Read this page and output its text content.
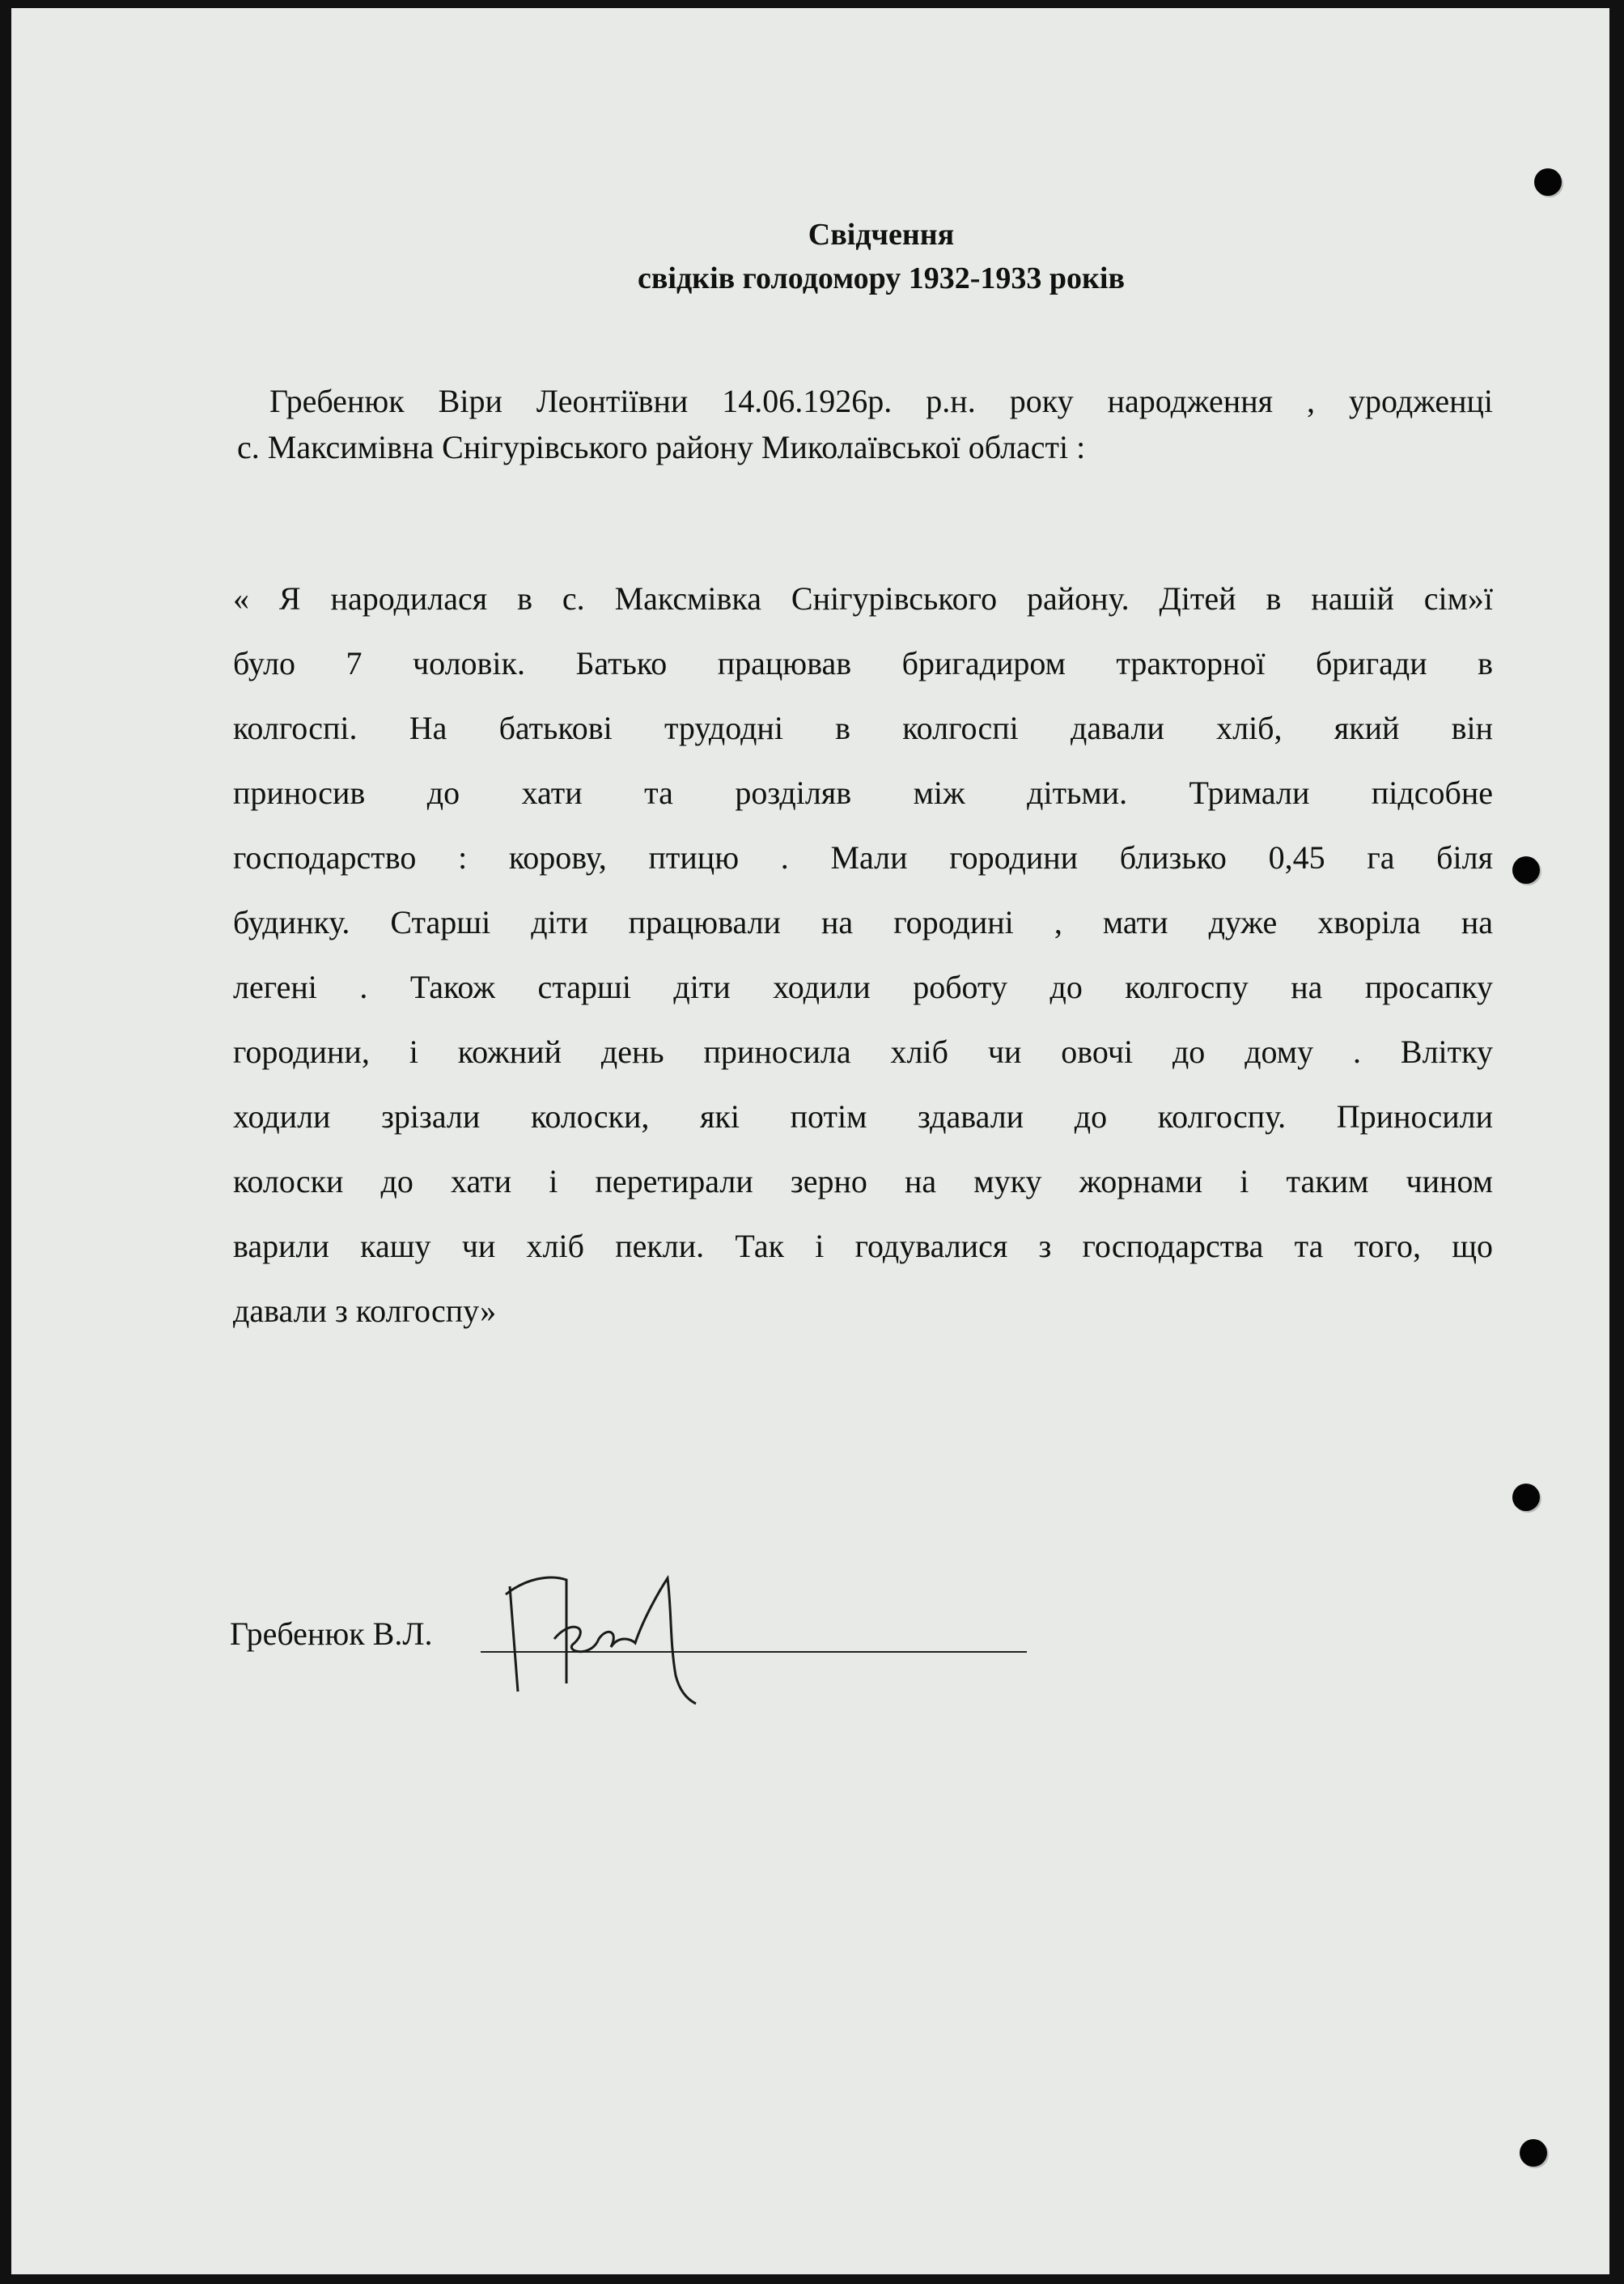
Свідчення
свідків голодомору 1932-1933 років
Гребенюк Віри Леонтіївни 14.06.1926р. р.н. року народження , уродженці
с. Максимівна Снігурівського району Миколаївської області :
« Я народилася в с. Максмівка Снігурівського району. Дітей в нашій сім»ї
було 7 чоловік. Батько працював бригадиром тракторної бригади в
колгоспі. На батькові трудодні в колгоспі давали хліб, який він
приносив до хати та розділяв між дітьми. Тримали підсобне
господарство : корову, птицю . Мали городини близько 0,45 га біля
будинку. Старші діти працювали на городині , мати дуже хворіла на
легені . Також старші діти ходили роботу до колгоспу на просапку
городини, і кожний день приносила хліб чи овочі до дому . Влітку
ходили зрізали колоски, які потім здавали до колгоспу. Приносили
колоски до хати і перетирали зерно на муку жорнами і таким чином
варили кашу чи хліб пекли. Так і годувалися з господарства та того, що
давали з колгоспу»
Гребенюк В.Л.
